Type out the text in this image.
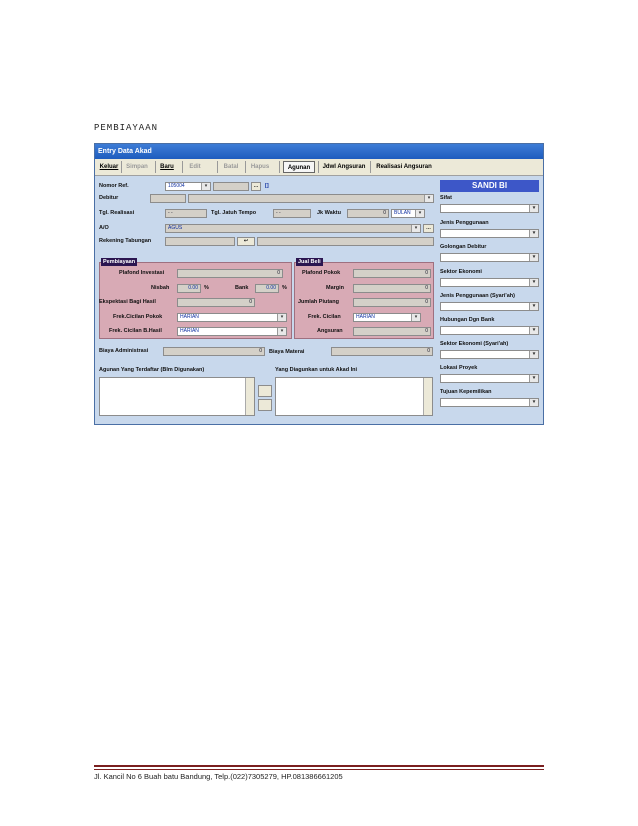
PEMBIAYAAN
Entry Data Akad
Keluar	Simpan	Baru	Edit	Batal	Hapus	Agunan	Jdwl Angsuran	Realisasi Angsuran
Nomor Ref.	105004	▾	…	[]
Debitur	▾
Tgl. Realisasi	- -	Tgl. Jatuh Tempo	- -	Jk Waktu	0	BULAN	▾
A/O	AGUS	▾	…
Rekening Tabungan	↩
Pembiayaan
Plafond Investasi	0
Nisbah	0.00	%	Bank	0.00	%
Ekspektasi Bagi Hasil	0
Frek.Cicilan Pokok	HARIAN	▾
Frek. Cicilan B.Hasil	HARIAN	▾
Jual Beli
Plafond Pokok	0
Margin	0
Jumlah Piutang	0
Frek. Cicilan	HARIAN	▾
Angsuran	0
Biaya Administrasi	0	Biaya Materai	0
Agunan Yang Terdaftar (Blm Digunakan)	Yang Diagunkan untuk Akad Ini
SANDI BI
Sifat
▾
Jenis Penggunaan
▾
Golongan Debitur
▾
Sektor Ekonomi
▾
Jenis Penggunaan (Syari'ah)
▾
Hubungan Dgn Bank
▾
Sektor Ekonomi (Syari'ah)
▾
Lokasi Proyek
▾
Tujuan Kepemilikan
▾
Jl. Kancil No 6 Buah batu Bandung, Telp.(022)7305279, HP.081386661205
